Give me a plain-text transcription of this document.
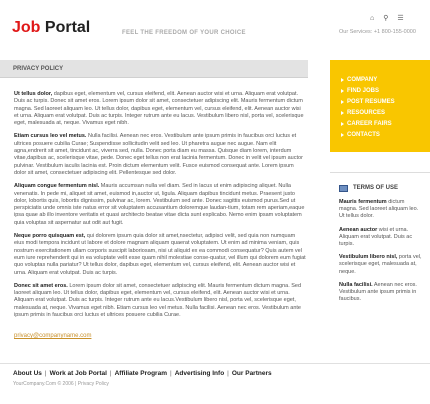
Job Portal	FEEL THE FREEDOM OF YOUR CHOICE
⌂ ⚲ ☰
Our Services: +1 800-155-0000
PRIVACY POLICY

Ut tellus dolor, dapibus eget, elementum vel, cursus eleifend, elit. Aenean auctor wisi et urna. Aliquam erat volutpat. Duis ac turpis. Donec sit amet eros. Lorem ipsum dolor sit amet, consectetuer adipiscing elit. Mauris fermentum dictum magna. Sed laoreet aliquam leo. Ut tellus dolor, dapibus eget, elementum vel, cursus eleifend, elit. Aenean auctor wisi et urna. Aliquam erat volutpat. Duis ac turpis. Integer rutrum ante eu lacus. Vestibulum libero nisl, porta vel, scelerisque eget, malesuada at, neque. Vivamus eget nibh.

Etiam cursus leo vel metus. Nulla facilisi. Aenean nec eros. Vestibulum ante ipsum primis in faucibus orci luctus et ultrices posuere cubilia Curae; Suspendisse sollicitudin velit sed leo. Ut pharetra augue nec augue. Nam elit agna,endrerit sit amet, tincidunt ac, viverra sed, nulla. Donec porta diam eu massa. Quisque diam lorem, interdum vitae,dapibus ac, scelerisque vitae, pede. Donec eget tellus non erat lacinia fermentum. Donec in velit vel ipsum auctor pulvinar. Vestibulum iaculis lacinia est. Proin dictum elementum velit. Fusce euismod consequat ante. Lorem ipsum dolor sit amet, consectetuer adipiscing elit. Pellentesque sed dolor.

Aliquam congue fermentum nisl. Mauris accumsan nulla vel diam. Sed in lacus ut enim adipiscing aliquet. Nulla venenatis. In pede mi, aliquet sit amet, euismod in,auctor ut, ligula. Aliquam dapibus tincidunt metus. Praesent justo dolor, lobortis quis, lobortis dignissim, pulvinar ac, lorem. Vestibulum sed ante. Donec sagittis euismod purus.Sed ut perspiciatis unde omnis iste natus error sit voluptatem accusantium doloremque laudan-tium, totam rem aperiam,eaque ipsa quae ab illo inventore veritatis et quasi architecto beatae vitae dicta sunt explicabo. Nemo enim ipsam voluptatem quia voluptas sit aspernatur aut odit aut fugit.

Neque porro quisquam est, qui dolorem ipsum quia dolor sit amet,nsectetur, adipisci velit, sed quia non numquam eius modi tempora incidunt ut labore et dolore magnam aliquam quaerat voluptatem. Ut enim ad minima veniam, quis nostrum exercitationem ullam corporis suscipit laboriosam, nisi ut aliquid ex ea commodi consequatur? Quis autem vel eum iure reprehenderit qui in ea voluptate velit esse quam nihil molestiae conse-quatur, vel illum qui dolorem eum fugiat quo voluptas nulla pariatur? Ut tellus dolor, dapibus eget, elementum vel, cursus eleifend, elit. Aenean auctor wisi et urna. Aliquam erat volutpat. Duis ac turpis.

Donec sit amet eros. Lorem ipsum dolor sit amet, consectetuer adipiscing elit. Mauris fermentum dictum magna. Sed laoreet aliquam leo. Ut tellus dolor, dapibus eget, elementum vel, cursus eleifend, elit. Aenean auctor wisi et urna. Aliquam erat volutpat. Duis ac turpis. Integer rutrum ante eu lacus.Vestibulum libero nisl, porta vel, scelerisque eget, malesuada at, neque. Vivamus eget nibh. Etiam cursus leo vel metus. Nulla facilisi. Aenean nec eros. Vestibulum ante ipsum primis in faucibus orci luctus et ultrices posuere cubilia Curae.

privacy@companyname.com
COMPANY
FIND JOBS
POST RESUMES
RESOURCES
CAREER FAIRS
CONTACTS
TERMS OF USE
Mauris fermentum dictum magna. Sed laoreet aliquam leo. Ut tellus dolor.
Aenean auctor wisi et urna. Aliquam erat volutpat. Duis ac turpis.
Vestibulum libero nisl, porta vel, scelerisque eget, malesuada at, neque.
Nulla facilisi. Aenean nec eros. Vestibulum ante ipsum primis in faucibus.
About Us | Work at Job Portal | Affiliate Program | Advertising Info | Our Partners
YourCompany.Com © 2006 | Privacy Policy
